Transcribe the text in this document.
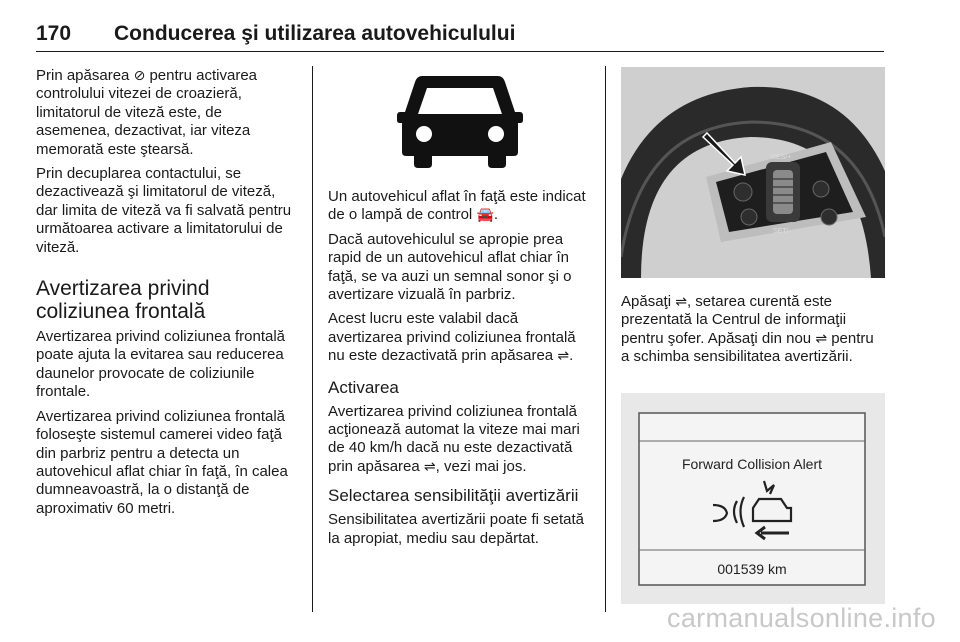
170 Conducerea şi utilizarea autovehiculului

Prin apăsarea ⊘ pentru activarea controlului vitezei de croazieră, limitatorul de viteză este, de asemenea, dezactivat, iar viteza memorată este ştearsă.

Prin decuplarea contactului, se dezactivează şi limitatorul de viteză, dar limita de viteză va fi salvată pentru următoarea activare a limitatorului de viteză.

Avertizarea privind coliziunea frontală

Avertizarea privind coliziunea frontală poate ajuta la evitarea sau reducerea daunelor provocate de coliziunile frontale.

Avertizarea privind coliziunea frontală foloseşte sistemul camerei video faţă din parbriz pentru a detecta un autovehicul aflat chiar în faţă, în calea dumneavoastră, la o distanţă de aproximativ 60 metri.

Un autovehicul aflat în faţă este indicat de o lampă de control 🚘.

Dacă autovehiculul se apropie prea rapid de un autovehicul aflat chiar în faţă, se va auzi un semnal sonor şi o avertizare vizuală în parbriz.

Acest lucru este valabil dacă avertizarea privind coliziunea frontală nu este dezactivată prin apăsarea ⇌.

Activarea

Avertizarea privind coliziunea frontală acţionează automat la viteze mai mari de 40 km/h dacă nu este dezactivată prin apăsarea ⇌, vezi mai jos.

Selectarea sensibilităţii avertizării

Sensibilitatea avertizării poate fi setată la apropiat, mediu sau depărtat.

RES/+
SET/-

Apăsaţi ⇌, setarea curentă este prezentată la Centrul de informaţii pentru şofer. Apăsaţi din nou ⇌ pentru a schimba sensibilitatea avertizării.

Forward Collision Alert
001539 km
carmanualsonline.info
